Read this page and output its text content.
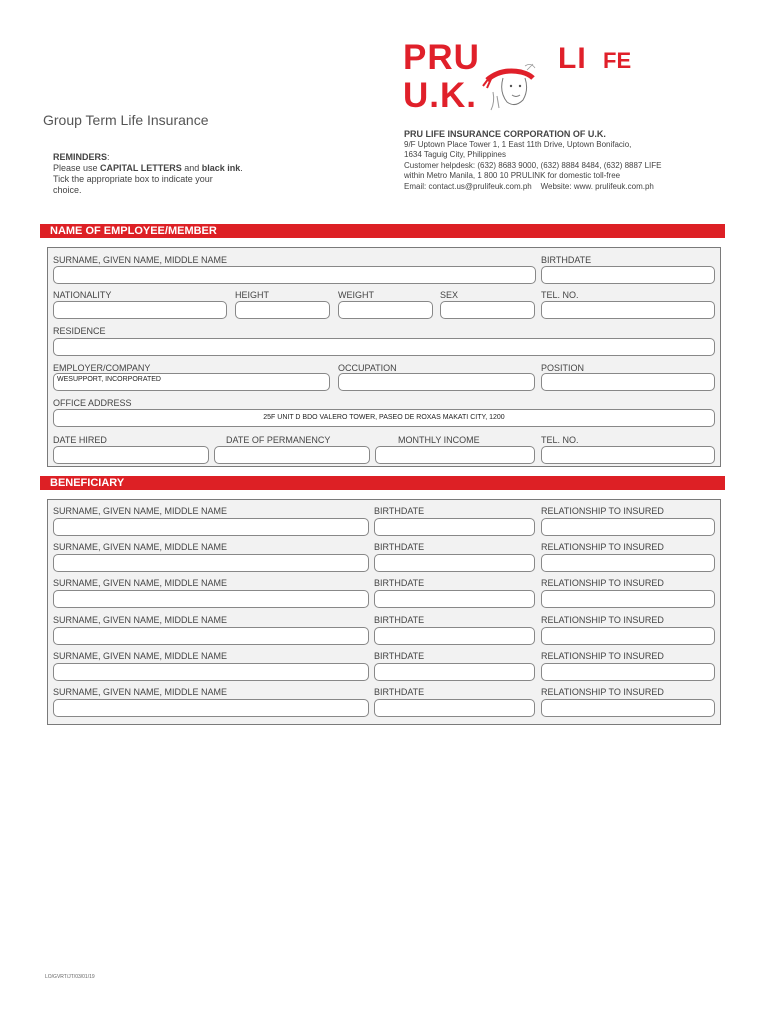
PRU	LI FE
U.K.
Group Term Life Insurance
REMINDERS:
Please use CAPITAL LETTERS and black ink.
Tick the appropriate box to indicate your
choice.
PRU LIFE INSURANCE CORPORATION OF U.K.
9/F Uptown Place Tower 1, 1 East 11th Drive, Uptown Bonifacio,
1634 Taguig City, Philippines
Customer helpdesk: (632) 8683 9000, (632) 8884 8484, (632) 8887 LIFE
within Metro Manila, 1 800 10 PRULINK for domestic toll-free
Email: contact.us@prulifeuk.com.ph Website: www. prulifeuk.com.ph
NAME OF EMPLOYEE/MEMBER
SURNAME, GIVEN NAME, MIDDLE NAME	BIRTHDATE
NATIONALITY	HEIGHT	WEIGHT	SEX	TEL. NO.
RESIDENCE
EMPLOYER/COMPANY	OCCUPATION	POSITION
WESUPPORT, INCORPORATED
OFFICE ADDRESS
25F UNIT D BDO VALERO TOWER, PASEO DE ROXAS MAKATI CITY, 1200
DATE HIRED	DATE OF PERMANENCY	MONTHLY INCOME	TEL. NO.
BENEFICIARY
SURNAME, GIVEN NAME, MIDDLE NAME	BIRTHDATE	RELATIONSHIP TO INSURED
SURNAME, GIVEN NAME, MIDDLE NAME	BIRTHDATE	RELATIONSHIP TO INSURED
SURNAME, GIVEN NAME, MIDDLE NAME	BIRTHDATE	RELATIONSHIP TO INSURED
SURNAME, GIVEN NAME, MIDDLE NAME	BIRTHDATE	RELATIONSHIP TO INSURED
SURNAME, GIVEN NAME, MIDDLE NAME	BIRTHDATE	RELATIONSHIP TO INSURED
SURNAME, GIVEN NAME, MIDDLE NAME	BIRTHDATE	RELATIONSHIP TO INSURED
LO/GVRT/JT/03/01/19
